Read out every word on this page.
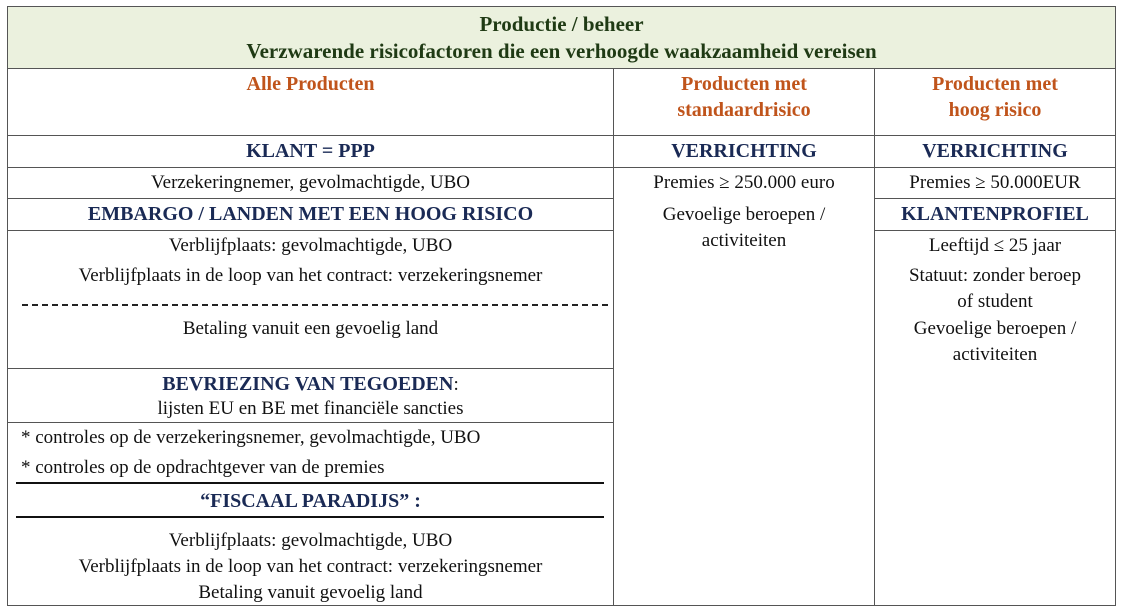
Productie / beheer
Verzwarende risicofactoren die een verhoogde waakzaamheid vereisen
Alle Producten	Producten met
standaardrisico
Producten met
hoog risico
KLANT = PPP
Verzekeringnemer, gevolmachtigde, UBO
EMBARGO / LANDEN MET EEN HOOG RISICO
Verblijfplaats: gevolmachtigde, UBO
Verblijfplaats in de loop van het contract: verzekeringsnemer
Betaling vanuit een gevoelig land
BEVRIEZING VAN TEGOEDEN:
lijsten EU en BE met financiële sancties
* controles op de verzekeringsnemer, gevolmachtigde, UBO
* controles op de opdrachtgever van de premies
“FISCAAL PARADIJS” :
Verblijfplaats: gevolmachtigde, UBO
Verblijfplaats in de loop van het contract: verzekeringsnemer
Betaling vanuit gevoelig land
VERRICHTING
Premies ≥ 250.000 euro
Gevoelige beroepen /
activiteiten
VERRICHTING
Premies ≥ 50.000EUR
KLANTENPROFIEL
Leeftijd ≤ 25 jaar
Statuut: zonder beroep
of student
Gevoelige beroepen /
activiteiten
